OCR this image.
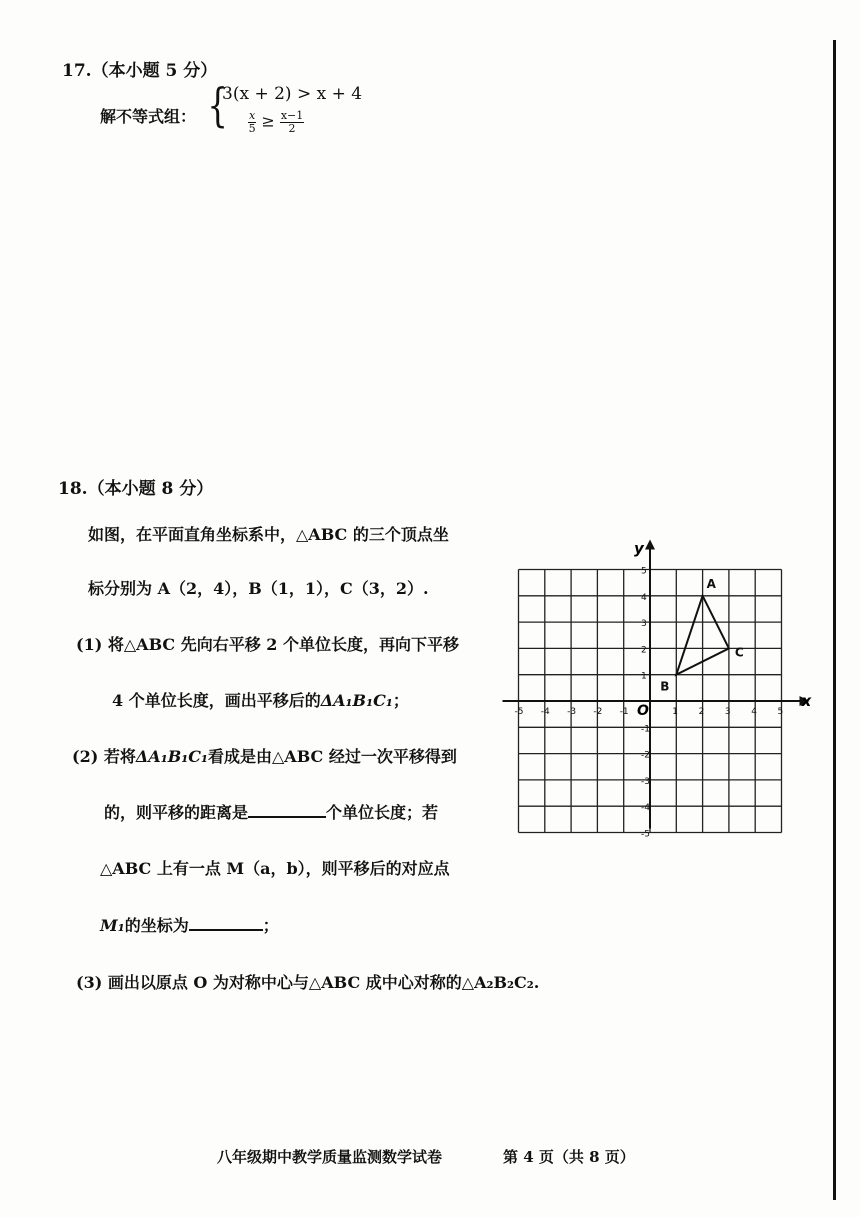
17.（本小题 5 分）
解不等式组： {
3(x + 2) > x + 4
$\frac{x}{5} \ge \frac{x-1}{2}$
18.（本小题 8 分）
如图，在平面直角坐标系中，△ABC 的三个顶点坐
标分别为 A（2，4），B（1，1），C（3，2）.
(1) 将△ABC 先向右平移 2 个单位长度，再向下平移
4 个单位长度，画出平移后的ΔA₁B₁C₁；
(2) 若将ΔA₁B₁C₁看成是由△ABC 经过一次平移得到
的，则平移的距离是	个单位长度；若
△ABC 上有一点 M（a，b），则平移后的对应点
M₁的坐标为	；
(3) 画出以原点 O 为对称中心与△ABC 成中心对称的△A₂B₂C₂.
-5 -4 -3 -2 -1	1 2 3 4 5
5
4
3
2
1
-1
-2
-3
-4
-5
A
B
C
x
y
O
八年级期中教学质量监测数学试卷	第 4 页（共 8 页）
